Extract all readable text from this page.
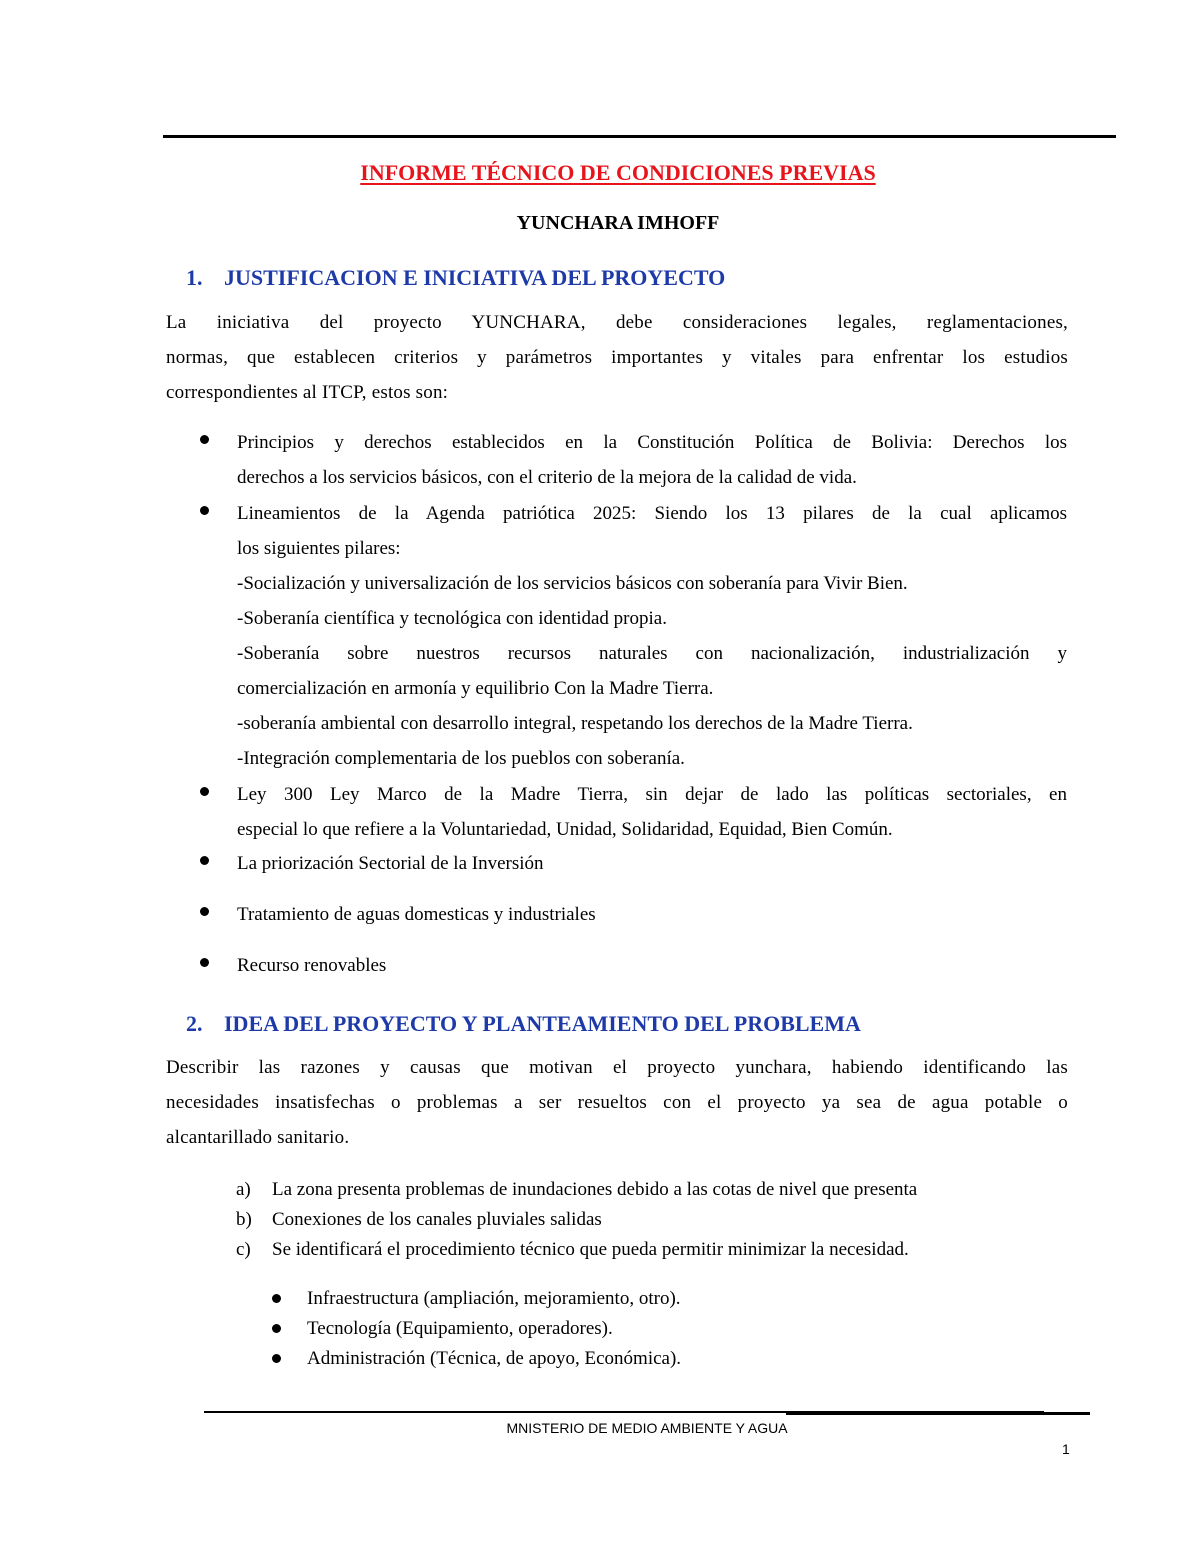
INFORME TÉCNICO DE CONDICIONES PREVIAS
YUNCHARA IMHOFF
1. JUSTIFICACION E INICIATIVA DEL PROYECTO
La iniciativa del proyecto YUNCHARA, debe consideraciones legales, reglamentaciones,
normas, que establecen criterios y parámetros importantes y vitales para enfrentar los estudios
correspondientes al ITCP, estos son:
Principios y derechos establecidos en la Constitución Política de Bolivia: Derechos los
derechos a los servicios básicos, con el criterio de la mejora de la calidad de vida.
Lineamientos de la Agenda patriótica 2025: Siendo los 13 pilares de la cual aplicamos
los siguientes pilares:
-Socialización y universalización de los servicios básicos con soberanía para Vivir Bien.
-Soberanía científica y tecnológica con identidad propia.
-Soberanía sobre nuestros recursos naturales con nacionalización, industrialización y
comercialización en armonía y equilibrio Con la Madre Tierra.
-soberanía ambiental con desarrollo integral, respetando los derechos de la Madre Tierra.
-Integración complementaria de los pueblos con soberanía.
Ley 300 Ley Marco de la Madre Tierra, sin dejar de lado las políticas sectoriales, en
especial lo que refiere a la Voluntariedad, Unidad, Solidaridad, Equidad, Bien Común.
La priorización Sectorial de la Inversión
Tratamiento de aguas domesticas y industriales
Recurso renovables
2. IDEA DEL PROYECTO Y PLANTEAMIENTO DEL PROBLEMA
Describir las razones y causas que motivan el proyecto yunchara, habiendo identificando las
necesidades insatisfechas o problemas a ser resueltos con el proyecto ya sea de agua potable o
alcantarillado sanitario.
a) La zona presenta problemas de inundaciones debido a las cotas de nivel que presenta
b) Conexiones de los canales pluviales salidas
c) Se identificará el procedimiento técnico que pueda permitir minimizar la necesidad.
Infraestructura (ampliación, mejoramiento, otro).
Tecnología (Equipamiento, operadores).
Administración (Técnica, de apoyo, Económica).
MNISTERIO DE MEDIO AMBIENTE Y AGUA
1
